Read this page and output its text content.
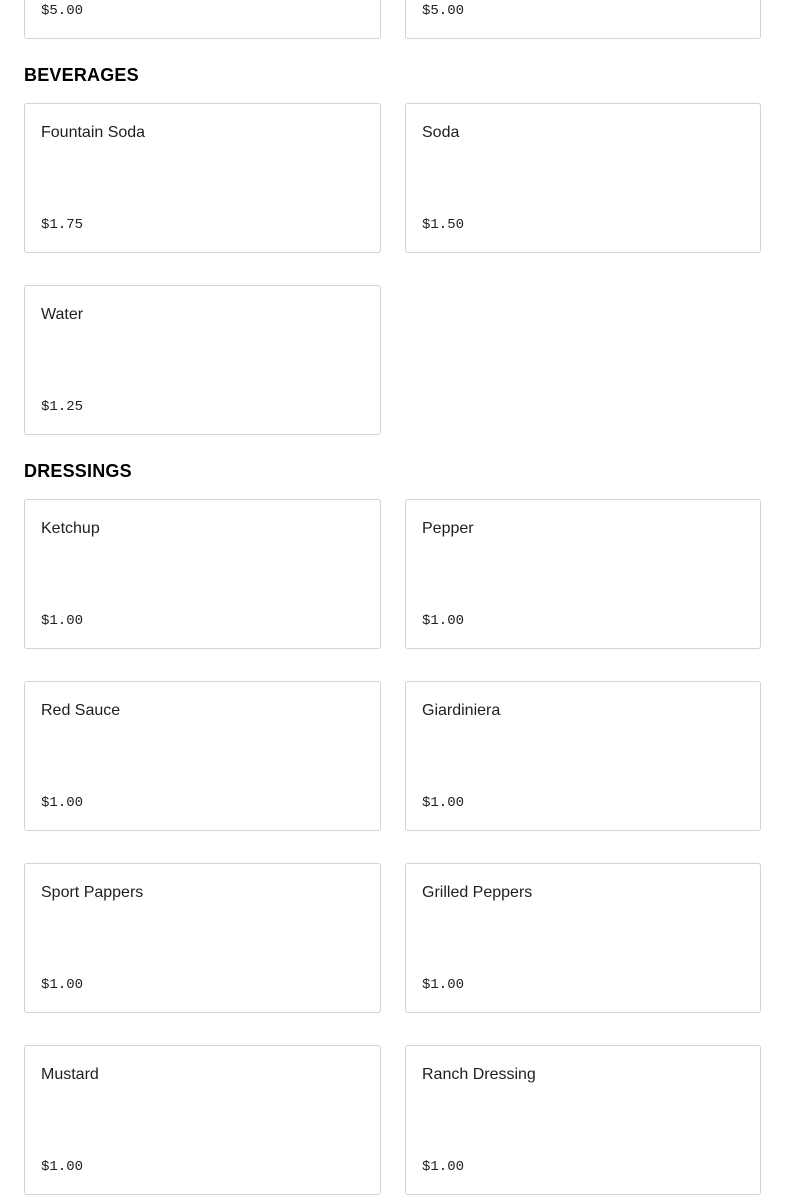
$5.00	$5.00
BEVERAGES
Fountain Soda
$1.75
Soda
$1.50
Water
$1.25
DRESSINGS
Ketchup
$1.00
Pepper
$1.00
Red Sauce
$1.00
Giardiniera
$1.00
Sport Pappers
$1.00
Grilled Peppers
$1.00
Mustard
$1.00
Ranch Dressing
$1.00
